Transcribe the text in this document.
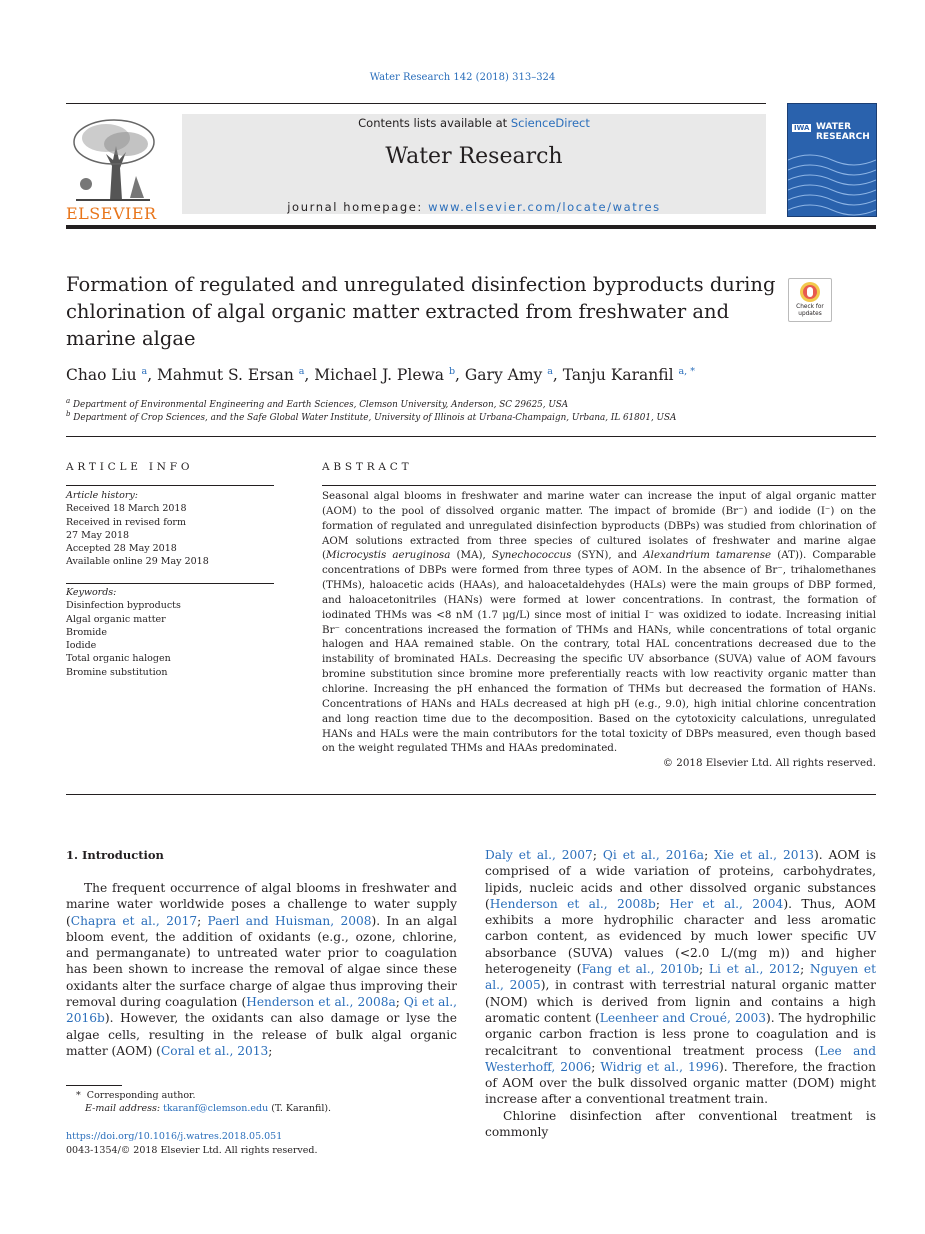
Water Research 142 (2018) 313–324
ELSEVIER
Contents lists available at ScienceDirect
Water Research
journal homepage: www.elsevier.com/locate/watres
IWA WATER
RESEARCH
Formation of regulated and unregulated disinfection byproducts during chlorination of algal organic matter extracted from freshwater and marine algae
Check for updates
Chao Liu $^a$, Mahmut S. Ersan $^a$, Michael J. Plewa $^b$, Gary Amy $^a$, Tanju Karanfil $^{a, *}$
$^a$ Department of Environmental Engineering and Earth Sciences, Clemson University, Anderson, SC 29625, USA
$^b$ Department of Crop Sciences, and the Safe Global Water Institute, University of Illinois at Urbana-Champaign, Urbana, IL 61801, USA
ARTICLE INFO	ABSTRACT
Article history:
Received 18 March 2018
Received in revised form
27 May 2018
Accepted 28 May 2018
Available online 29 May 2018
Keywords:
Disinfection byproducts
Algal organic matter
Bromide
Iodide
Total organic halogen
Bromine substitution
Seasonal algal blooms in freshwater and marine water can increase the input of algal organic matter (AOM) to the pool of dissolved organic matter. The impact of bromide (Br⁻) and iodide (I⁻) on the formation of regulated and unregulated disinfection byproducts (DBPs) was studied from chlorination of AOM solutions extracted from three species of cultured isolates of freshwater and marine algae (Microcystis aeruginosa (MA), Synechococcus (SYN), and Alexandrium tamarense (AT)). Comparable concentrations of DBPs were formed from three types of AOM. In the absence of Br⁻, trihalomethanes (THMs), haloacetic acids (HAAs), and haloacetaldehydes (HALs) were the main groups of DBP formed, and haloacetonitriles (HANs) were formed at lower concentrations. In contrast, the formation of iodinated THMs was <8 nM (1.7 μg/L) since most of initial I⁻ was oxidized to iodate. Increasing initial Br⁻ concentrations increased the formation of THMs and HANs, while concentrations of total organic halogen and HAA remained stable. On the contrary, total HAL concentrations decreased due to the instability of brominated HALs. Decreasing the specific UV absorbance (SUVA) value of AOM favours bromine substitution since bromine more preferentially reacts with low reactivity organic matter than chlorine. Increasing the pH enhanced the formation of THMs but decreased the formation of HANs. Concentrations of HANs and HALs decreased at high pH (e.g., 9.0), high initial chlorine concentration and long reaction time due to the decomposition. Based on the cytotoxicity calculations, unregulated HANs and HALs were the main contributors for the total toxicity of DBPs measured, even though based on the weight regulated THMs and HAAs predominated.
© 2018 Elsevier Ltd. All rights reserved.
1. Introduction
The frequent occurrence of algal blooms in freshwater and marine water worldwide poses a challenge to water supply (Chapra et al., 2017; Paerl and Huisman, 2008). In an algal bloom event, the addition of oxidants (e.g., ozone, chlorine, and permanganate) to untreated water prior to coagulation has been shown to increase the removal of algae since these oxidants alter the surface charge of algae thus improving their removal during coagulation (Henderson et al., 2008a; Qi et al., 2016b). However, the oxidants can also damage or lyse the algae cells, resulting in the release of bulk algal organic matter (AOM) (Coral et al., 2013;
Daly et al., 2007; Qi et al., 2016a; Xie et al., 2013). AOM is comprised of a wide variation of proteins, carbohydrates, lipids, nucleic acids and other dissolved organic substances (Henderson et al., 2008b; Her et al., 2004). Thus, AOM exhibits a more hydrophilic character and less aromatic carbon content, as evidenced by much lower specific UV absorbance (SUVA) values (<2.0 L/(mg m)) and higher heterogeneity (Fang et al., 2010b; Li et al., 2012; Nguyen et al., 2005), in contrast with terrestrial natural organic matter (NOM) which is derived from lignin and contains a high aromatic content (Leenheer and Croué, 2003). The hydrophilic organic carbon fraction is less prone to coagulation and is recalcitrant to conventional treatment process (Lee and Westerhoff, 2006; Widrig et al., 1996). Therefore, the fraction of AOM over the bulk dissolved organic matter (DOM) might increase after a conventional treatment train.
Chlorine disinfection after conventional treatment is commonly
* Corresponding author.
E-mail address: tkaranf@clemson.edu (T. Karanfil).
https://doi.org/10.1016/j.watres.2018.05.051
0043-1354/© 2018 Elsevier Ltd. All rights reserved.
